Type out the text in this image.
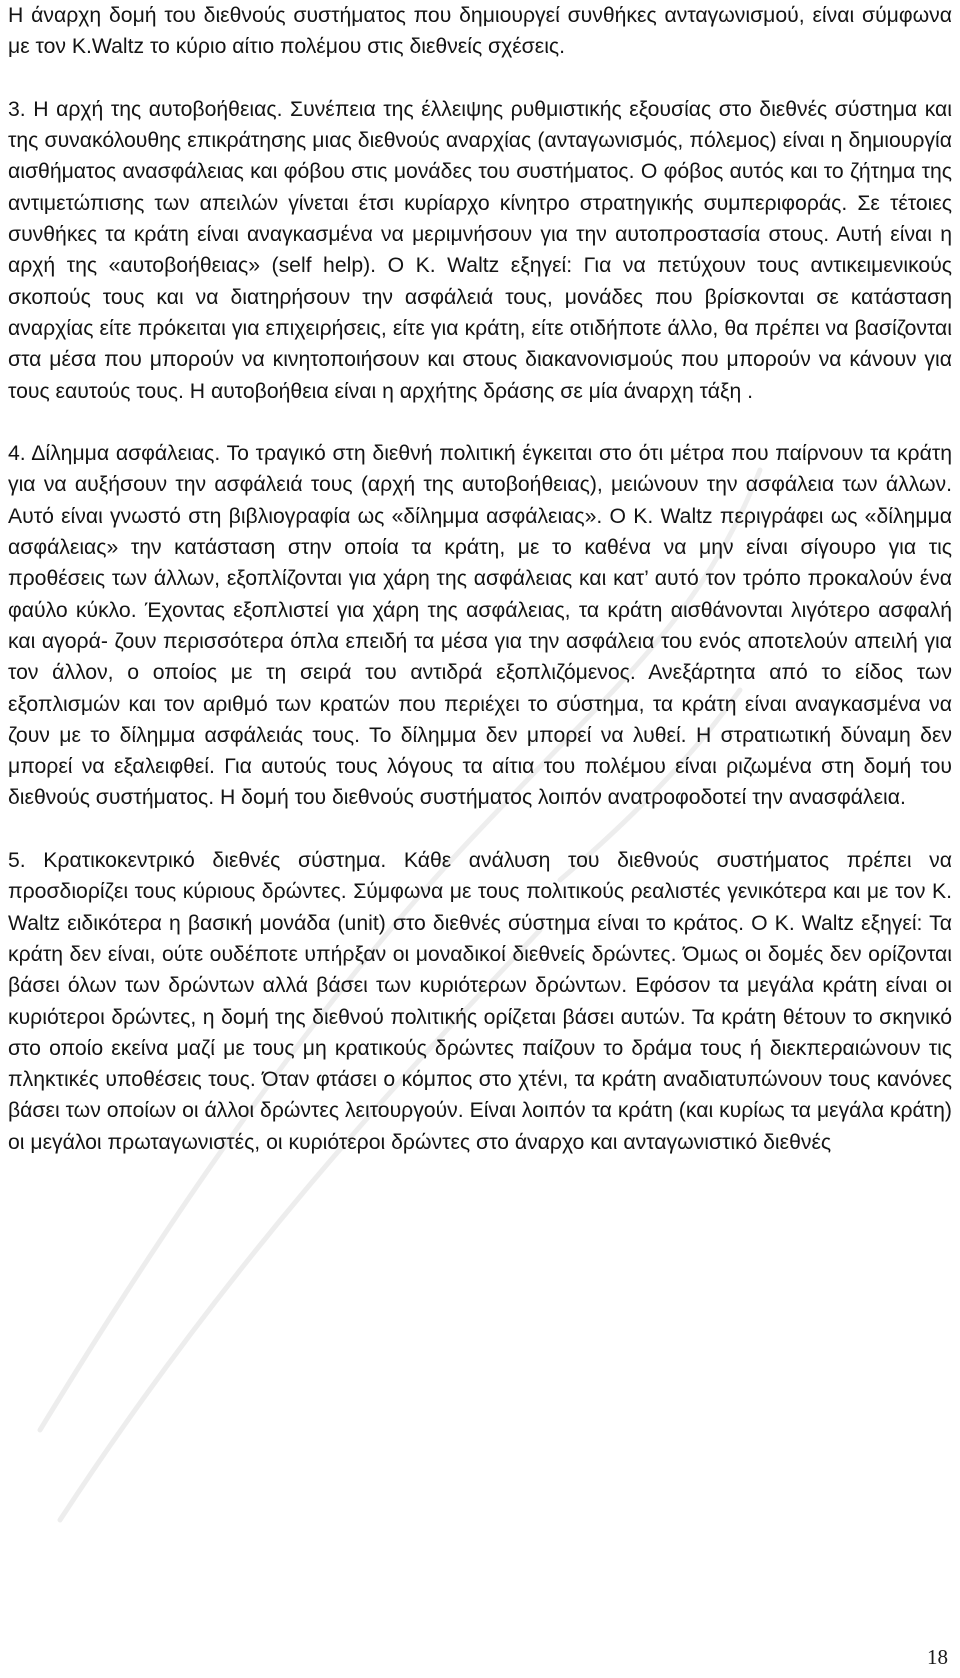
Η άναρχη δομή του διεθνούς συστήματος που δημιουργεί συνθήκες ανταγωνισμού, είναι σύμφωνα με τον K.Waltz το κύριο αίτιο πολέμου στις διεθνείς σχέσεις.

3. Η αρχή της αυτοβοήθειας. Συνέπεια της έλλειψης ρυθμιστικής εξουσίας στο διεθνές σύστημα και της συνακόλουθης επικράτησης μιας διεθνούς αναρχίας (ανταγωνισμός, πόλεμος) είναι η δημιουργία αισθήματος ανασφάλειας και φόβου στις μονάδες του συστήματος. Ο φόβος αυτός και το ζήτημα της αντιμετώπισης των απειλών γίνεται έτσι κυρίαρχο κίνητρο στρατηγικής συμπεριφοράς. Σε τέτοιες συνθήκες τα κράτη είναι αναγκασμένα να μεριμνήσουν για την αυτοπροστασία στους. Αυτή είναι η αρχή της «αυτοβοήθειας» (self help). Ο Κ. Waltz εξηγεί: Για να πετύχουν τους αντικειμενικούς σκοπούς τους και να διατηρήσουν την ασφάλειά τους, μονάδες που βρίσκονται σε κατάσταση αναρχίας είτε πρόκειται για επιχειρήσεις, είτε για κράτη, είτε οτιδήποτε άλλο, θα πρέπει να βασίζονται στα μέσα που μπορούν να κινητοποιήσουν και στους διακανονισμούς που μπορούν να κάνουν για τους εαυτούς τους. Η αυτοβοήθεια είναι η αρχήτης δράσης σε μία άναρχη τάξη .

4. Δίλημμα ασφάλειας. Το τραγικό στη διεθνή πολιτική έγκειται στο ότι μέτρα που παίρνουν τα κράτη για να αυξήσουν την ασφάλειά τους (αρχή της αυτοβοήθειας), μειώνουν την ασφάλεια των άλλων. Αυτό είναι γνωστό στη βιβλιογραφία ως «δίλημμα ασφάλειας». Ο Κ. Waltz περιγράφει ως «δίλημμα ασφάλειας» την κατάσταση στην οποία τα κράτη, με το καθένα να μην είναι σίγουρο για τις προθέσεις των άλλων, εξοπλίζονται για χάρη της ασφάλειας και κατ’ αυτό τον τρόπο προκαλούν ένα φαύλο κύκλο. Έχοντας εξοπλιστεί για χάρη της ασφάλειας, τα κράτη αισθάνονται λιγότερο ασφαλή και αγορά- ζουν περισσότερα όπλα επειδή τα μέσα για την ασφάλεια του ενός αποτελούν απειλή για τον άλλον, ο οποίος με τη σειρά του αντιδρά εξοπλιζόμενος. Ανεξάρτητα από το είδος των εξοπλισμών και τον αριθμό των κρατών που περιέχει το σύστημα, τα κράτη είναι αναγκασμένα να ζουν με το δίλημμα ασφάλειάς τους. Το δίλημμα δεν μπορεί να λυθεί. Η στρατιωτική δύναμη δεν μπορεί να εξαλειφθεί. Για αυτούς τους λόγους τα αίτια του πολέμου είναι ριζωμένα στη δομή του διεθνούς συστήματος. Η δομή του διεθνούς συστήματος λοιπόν ανατροφοδοτεί την ανασφάλεια.

5. Κρατικοκεντρικό διεθνές σύστημα. Κάθε ανάλυση του διεθνούς συστήματος πρέπει να προσδιορίζει τους κύριους δρώντες. Σύμφωνα με τους πολιτικούς ρεαλιστές γενικότερα και με τον Κ. Waltz ειδικότερα η βασική μονάδα (unit) στο διεθνές σύστημα είναι το κράτος. Ο Κ. Waltz εξηγεί: Τα κράτη δεν είναι, ούτε ουδέποτε υπήρξαν οι μοναδικοί διεθνείς δρώντες. Όμως οι δομές δεν ορίζονται βάσει όλων των δρώντων αλλά βάσει των κυριότερων δρώντων. Εφόσον τα μεγάλα κράτη είναι οι κυριότεροι δρώντες, η δομή της διεθνού πολιτικής ορίζεται βάσει αυτών. Τα κράτη θέτουν το σκηνικό στο οποίο εκείνα μαζί με τους μη κρατικούς δρώντες παίζουν το δράμα τους ή διεκπεραιώνουν τις πληκτικές υποθέσεις τους. Όταν φτάσει ο κόμπος στο χτένι, τα κράτη αναδιατυπώνουν τους κανόνες βάσει των οποίων οι άλλοι δρώντες λειτουργούν. Είναι λοιπόν τα κράτη (και κυρίως τα μεγάλα κράτη) οι μεγάλοι πρωταγωνιστές, οι κυριότεροι δρώντες στο άναρχο και ανταγωνιστικό διεθνές

18
